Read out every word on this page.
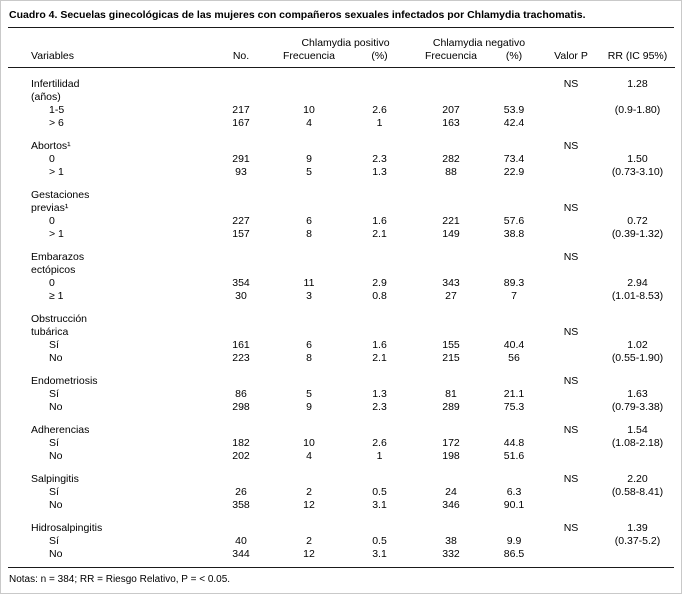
Cuadro 4. Secuelas ginecológicas de las mujeres con compañeros sexuales infectados por Chlamydia trachomatis.
		Chlamydia positivo		Chlamydia negativo			
Variables	No.	Frecuencia	(%)	Frecuencia	(%)	Valor P	RR (IC 95%)
Infertilidad						NS	1.28
(años)							
1-5	217	10	2.6	207	53.9		(0.9-1.80)
> 6	167	4	1	163	42.4		
Abortos¹						NS	
0	291	9	2.3	282	73.4		1.50
> 1	93	5	1.3	88	22.9		(0.73-3.10)
Gestaciones							
previas¹						NS	
0	227	6	1.6	221	57.6		0.72
> 1	157	8	2.1	149	38.8		(0.39-1.32)
Embarazos						NS	
ectópicos							
0	354	11	2.9	343	89.3		2.94
≥ 1	30	3	0.8	27	7		(1.01-8.53)
Obstrucción							
tubárica						NS	
Sí	161	6	1.6	155	40.4		1.02
No	223	8	2.1	215	56		(0.55-1.90)
Endometriosis						NS	
Sí	86	5	1.3	81	21.1		1.63
No	298	9	2.3	289	75.3		(0.79-3.38)
Adherencias						NS	1.54
Sí	182	10	2.6	172	44.8		(1.08-2.18)
No	202	4	1	198	51.6		
Salpingitis						NS	2.20
Sí	26	2	0.5	24	6.3		(0.58-8.41)
No	358	12	3.1	346	90.1		
Hidrosalpingitis						NS	1.39
Sí	40	2	0.5	38	9.9		(0.37-5.2)
No	344	12	3.1	332	86.5		
Notas: n = 384; RR = Riesgo Relativo, P = < 0.05.
